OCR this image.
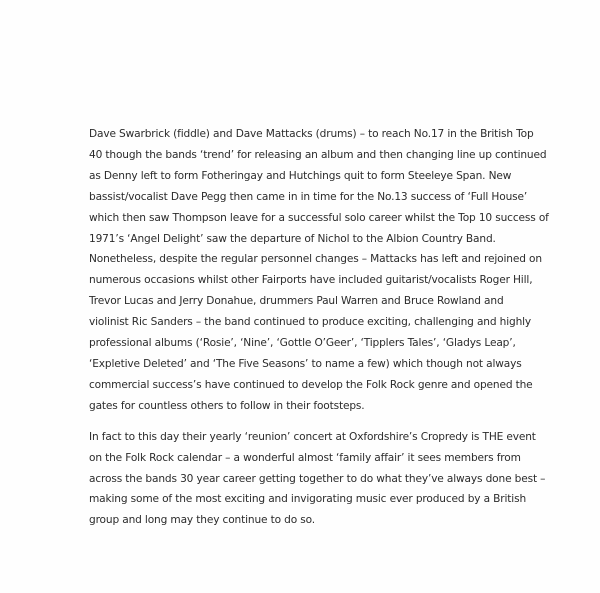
Dave Swarbrick (fiddle) and Dave Mattacks (drums) – to reach No.17 in the British Top
40 though the bands ‘trend’ for releasing an album and then changing line up continued
as Denny left to form Fotheringay and Hutchings quit to form Steeleye Span. New
bassist/vocalist Dave Pegg then came in in time for the No.13 success of ‘Full House’
which then saw Thompson leave for a successful solo career whilst the Top 10 success of
1971’s ‘Angel Delight’ saw the departure of Nichol to the Albion Country Band.
Nonetheless, despite the regular personnel changes – Mattacks has left and rejoined on
numerous occasions whilst other Fairports have included guitarist/vocalists Roger Hill,
Trevor Lucas and Jerry Donahue, drummers Paul Warren and Bruce Rowland and
violinist Ric Sanders – the band continued to produce exciting, challenging and highly
professional albums (‘Rosie’, ‘Nine’, ‘Gottle O’Geer’, ‘Tipplers Tales’, ‘Gladys Leap’,
‘Expletive Deleted’ and ‘The Five Seasons’ to name a few) which though not always
commercial success’s have continued to develop the Folk Rock genre and opened the
gates for countless others to follow in their footsteps.

In fact to this day their yearly ‘reunion’ concert at Oxfordshire’s Cropredy is THE event
on the Folk Rock calendar – a wonderful almost ‘family affair’ it sees members from
across the bands 30 year career getting together to do what they’ve always done best –
making some of the most exciting and invigorating music ever produced by a British
group and long may they continue to do so.
